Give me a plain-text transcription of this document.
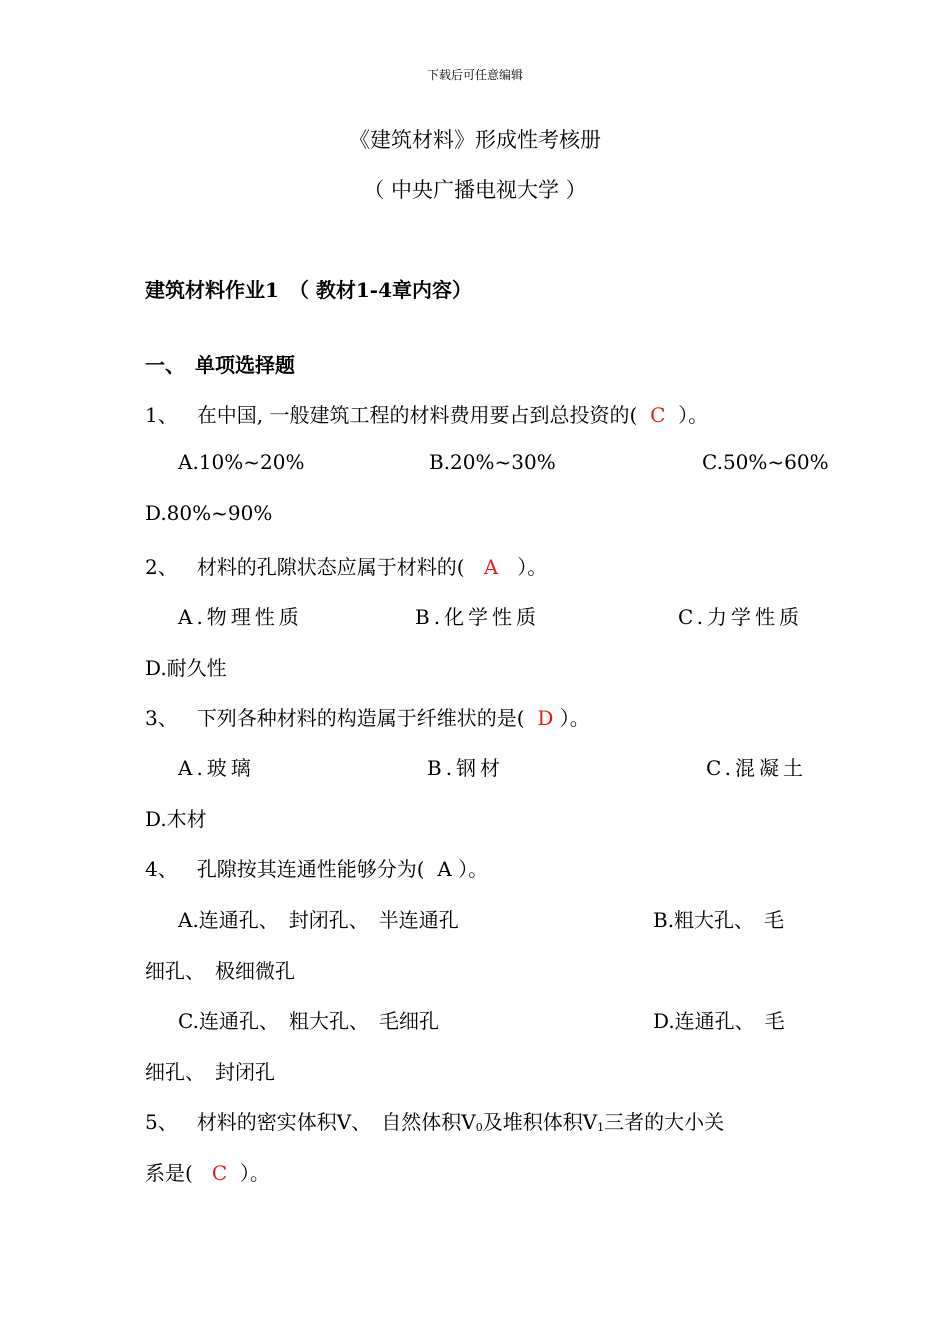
下载后可任意编辑
《建筑材料》形成性考核册
（ 中央广播电视大学 ）
建筑材料作业1　（ 教材1-4章内容）
一、　单项选择题
1、 在中国, 一般建筑工程的材料费用要占到总投资的( C ）。
A.10%~20%	B.20%~30%	C.50%~60%
D.80%~90%
2、 材料的孔隙状态应属于材料的( A ）。
A.物理性质	B.化学性质	C.力学性质
D.耐久性
3、 下列各种材料的构造属于纤维状的是( D ）。
A.玻璃	B.钢材	C.混凝土
D.木材
4、 孔隙按其连通性能够分为( A ）。
A.连通孔、　封闭孔、　半连通孔	B.粗大孔、　毛
细孔、　极细微孔
C.连通孔、　粗大孔、　毛细孔	D.连通孔、　毛
细孔、　封闭孔
5、 材料的密实体积V、　自然体积$V_0$及堆积体积$V_1$三者的大小关
系是( C ）。
